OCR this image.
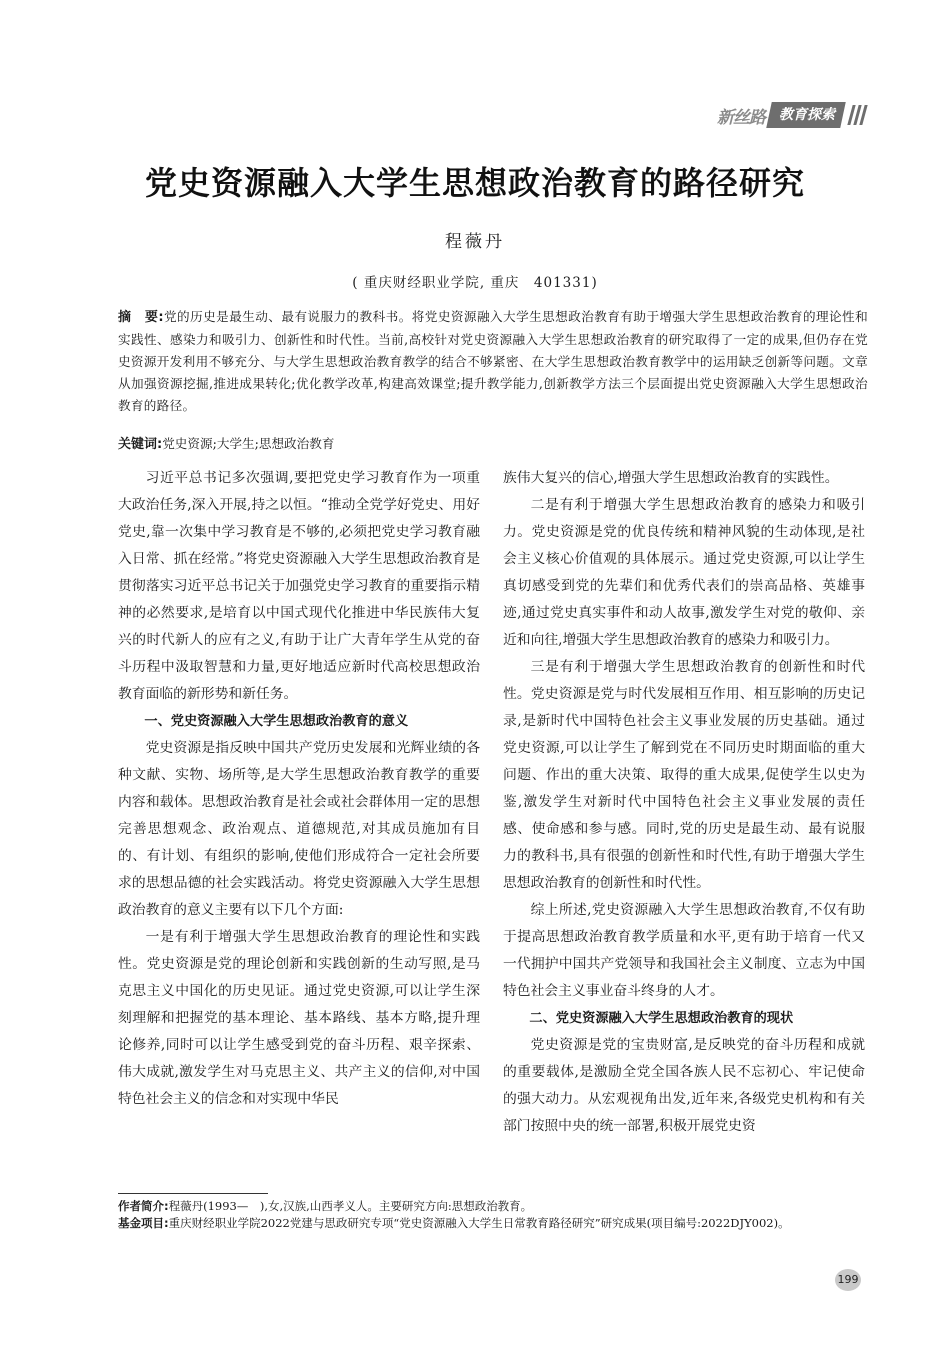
新丝路	教育探索
党史资源融入大学生思想政治教育的路径研究
程薇丹
( 重庆财经职业学院, 重庆　401331)
摘　要:党的历史是最生动、最有说服力的教科书。将党史资源融入大学生思想政治教育有助于增强大学生思想政治教育的理论性和实践性、感染力和吸引力、创新性和时代性。当前,高校针对党史资源融入大学生思想政治教育的研究取得了一定的成果,但仍存在党史资源开发利用不够充分、与大学生思想政治教育教学的结合不够紧密、在大学生思想政治教育教学中的运用缺乏创新等问题。文章从加强资源挖掘,推进成果转化;优化教学改革,构建高效课堂;提升教学能力,创新教学方法三个层面提出党史资源融入大学生思想政治教育的路径。
关键词:党史资源;大学生;思想政治教育

习近平总书记多次强调,要把党史学习教育作为一项重大政治任务,深入开展,持之以恒。“推动全党学好党史、用好党史,靠一次集中学习教育是不够的,必须把党史学习教育融入日常、抓在经常。”将党史资源融入大学生思想政治教育是贯彻落实习近平总书记关于加强党史学习教育的重要指示精神的必然要求,是培育以中国式现代化推进中华民族伟大复兴的时代新人的应有之义,有助于让广大青年学生从党的奋斗历程中汲取智慧和力量,更好地适应新时代高校思想政治教育面临的新形势和新任务。

一、党史资源融入大学生思想政治教育的意义

党史资源是指反映中国共产党历史发展和光辉业绩的各种文献、实物、场所等,是大学生思想政治教育教学的重要内容和载体。思想政治教育是社会或社会群体用一定的思想完善思想观念、政治观点、道德规范,对其成员施加有目的、有计划、有组织的影响,使他们形成符合一定社会所要求的思想品德的社会实践活动。将党史资源融入大学生思想政治教育的意义主要有以下几个方面:

一是有利于增强大学生思想政治教育的理论性和实践性。党史资源是党的理论创新和实践创新的生动写照,是马克思主义中国化的历史见证。通过党史资源,可以让学生深刻理解和把握党的基本理论、基本路线、基本方略,提升理论修养,同时可以让学生感受到党的奋斗历程、艰辛探索、伟大成就,激发学生对马克思主义、共产主义的信仰,对中国特色社会主义的信念和对实现中华民

族伟大复兴的信心,增强大学生思想政治教育的实践性。

二是有利于增强大学生思想政治教育的感染力和吸引力。党史资源是党的优良传统和精神风貌的生动体现,是社会主义核心价值观的具体展示。通过党史资源,可以让学生真切感受到党的先辈们和优秀代表们的崇高品格、英雄事迹,通过党史真实事件和动人故事,激发学生对党的敬仰、亲近和向往,增强大学生思想政治教育的感染力和吸引力。

三是有利于增强大学生思想政治教育的创新性和时代性。党史资源是党与时代发展相互作用、相互影响的历史记录,是新时代中国特色社会主义事业发展的历史基础。通过党史资源,可以让学生了解到党在不同历史时期面临的重大问题、作出的重大决策、取得的重大成果,促使学生以史为鉴,激发学生对新时代中国特色社会主义事业发展的责任感、使命感和参与感。同时,党的历史是最生动、最有说服力的教科书,具有很强的创新性和时代性,有助于增强大学生思想政治教育的创新性和时代性。

综上所述,党史资源融入大学生思想政治教育,不仅有助于提高思想政治教育教学质量和水平,更有助于培育一代又一代拥护中国共产党领导和我国社会主义制度、立志为中国特色社会主义事业奋斗终身的人才。

二、党史资源融入大学生思想政治教育的现状

党史资源是党的宝贵财富,是反映党的奋斗历程和成就的重要载体,是激励全党全国各族人民不忘初心、牢记使命的强大动力。从宏观视角出发,近年来,各级党史机构和有关部门按照中央的统一部署,积极开展党史资

作者简介:程薇丹(1993—　),女,汉族,山西孝义人。主要研究方向:思想政治教育。
基金项目:重庆财经职业学院2022党建与思政研究专项“党史资源融入大学生日常教育路径研究”研究成果(项目编号:2022DJY002)。
199
